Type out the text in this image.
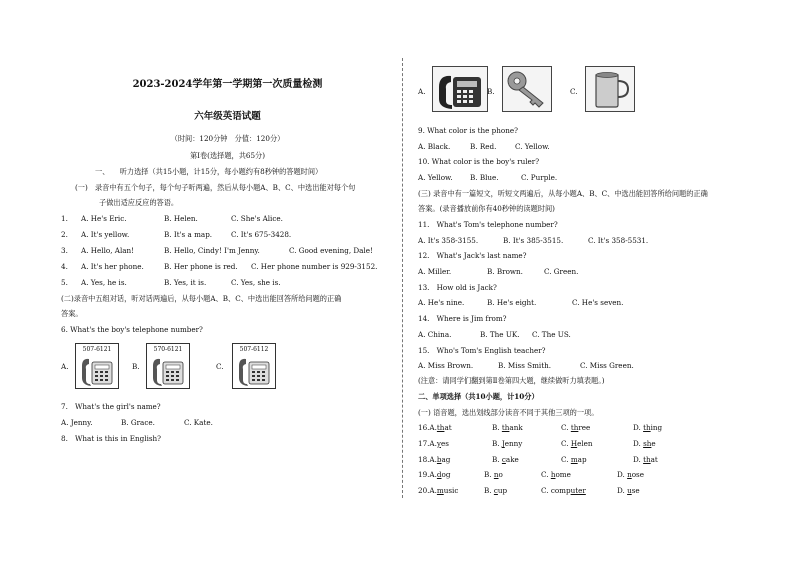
2023-2024学年第一学期第一次质量检测
六年级英语试题
（时间：120分钟　分值：120分）
第Ⅰ卷(选择题，共65分)
一、 听力选择（共15小题，计15分，每小题约有8秒钟的答题时间）
(一)　录音中有五个句子，每个句子听两遍，然后从每小题A、B、C、中选出能对每个句
子做出适应反应的答语。
1. A. He's Eric.	B. Helen.	C. She's Alice.
2. A. It's yellow.	B. It's a map.	C. It's 675-3428.
3. A. Hello, Alan!	B. Hello, Cindy! I'm Jenny.	C. Good evening, Dale!
4. A. It's her phone.	B. Her phone is red. C. Her phone number is 929-3152.
5. A. Yes, he is.	B. Yes, it is.	C. Yes, she is.
(二)录音中五组对话，听对话两遍后，从每小题A、B、C、中选出能回答所给问题的正确
答案。
6. What's the boy's telephone number?
A.
507-6121
B.
570-6121
C.
507-6112
7.　What's the girl's name?
A. Jenny.	B. Grace.	C. Kate.
8.　What is this in English?
A.	B.	C.
9. What color is the phone?
A. Black.	B. Red.	C. Yellow.
10. What color is the boy's ruler?
A. Yellow. B. Blue.	C. Purple.
(三) 录音中有一篇短文，听短文两遍后，从每小题A、B、C、中选出能回答所给问题的正确
答案。(录音播放前你有40秒钟的读题时间)
11.　What's Tom's telephone number?
A. It's 358-3155.	B. It's 385-3515.	C. It's 358-5531.
12.　What's Jack's last name?
A. Miller.	B. Brown.	C. Green.
13.　How old is Jack?
A. He's nine.	B. He's eight.	C. He's seven.
14.　Where is Jim from?
A. China.	B. The UK. C. The US.
15.　Who's Tom's English teacher?
A. Miss Brown.	B. Miss Smith.	C. Miss Green.
(注意：请同学们翻到第Ⅱ卷第四大题，继续做听力填表题。)
二、单项选择（共10小题，计10分）
(一) 语音题，选出划线部分读音不同于其他三项的一项。
16.A.that	B. thank	C. three	D. thing
17.A.yes	B. Jenny	C. Helen	D. she
18.A.bag	B. cake	C. map	D. that
19.A.dog	B. no	C. home	D. nose
20.A.music	B. cup	C. computer	D. use
